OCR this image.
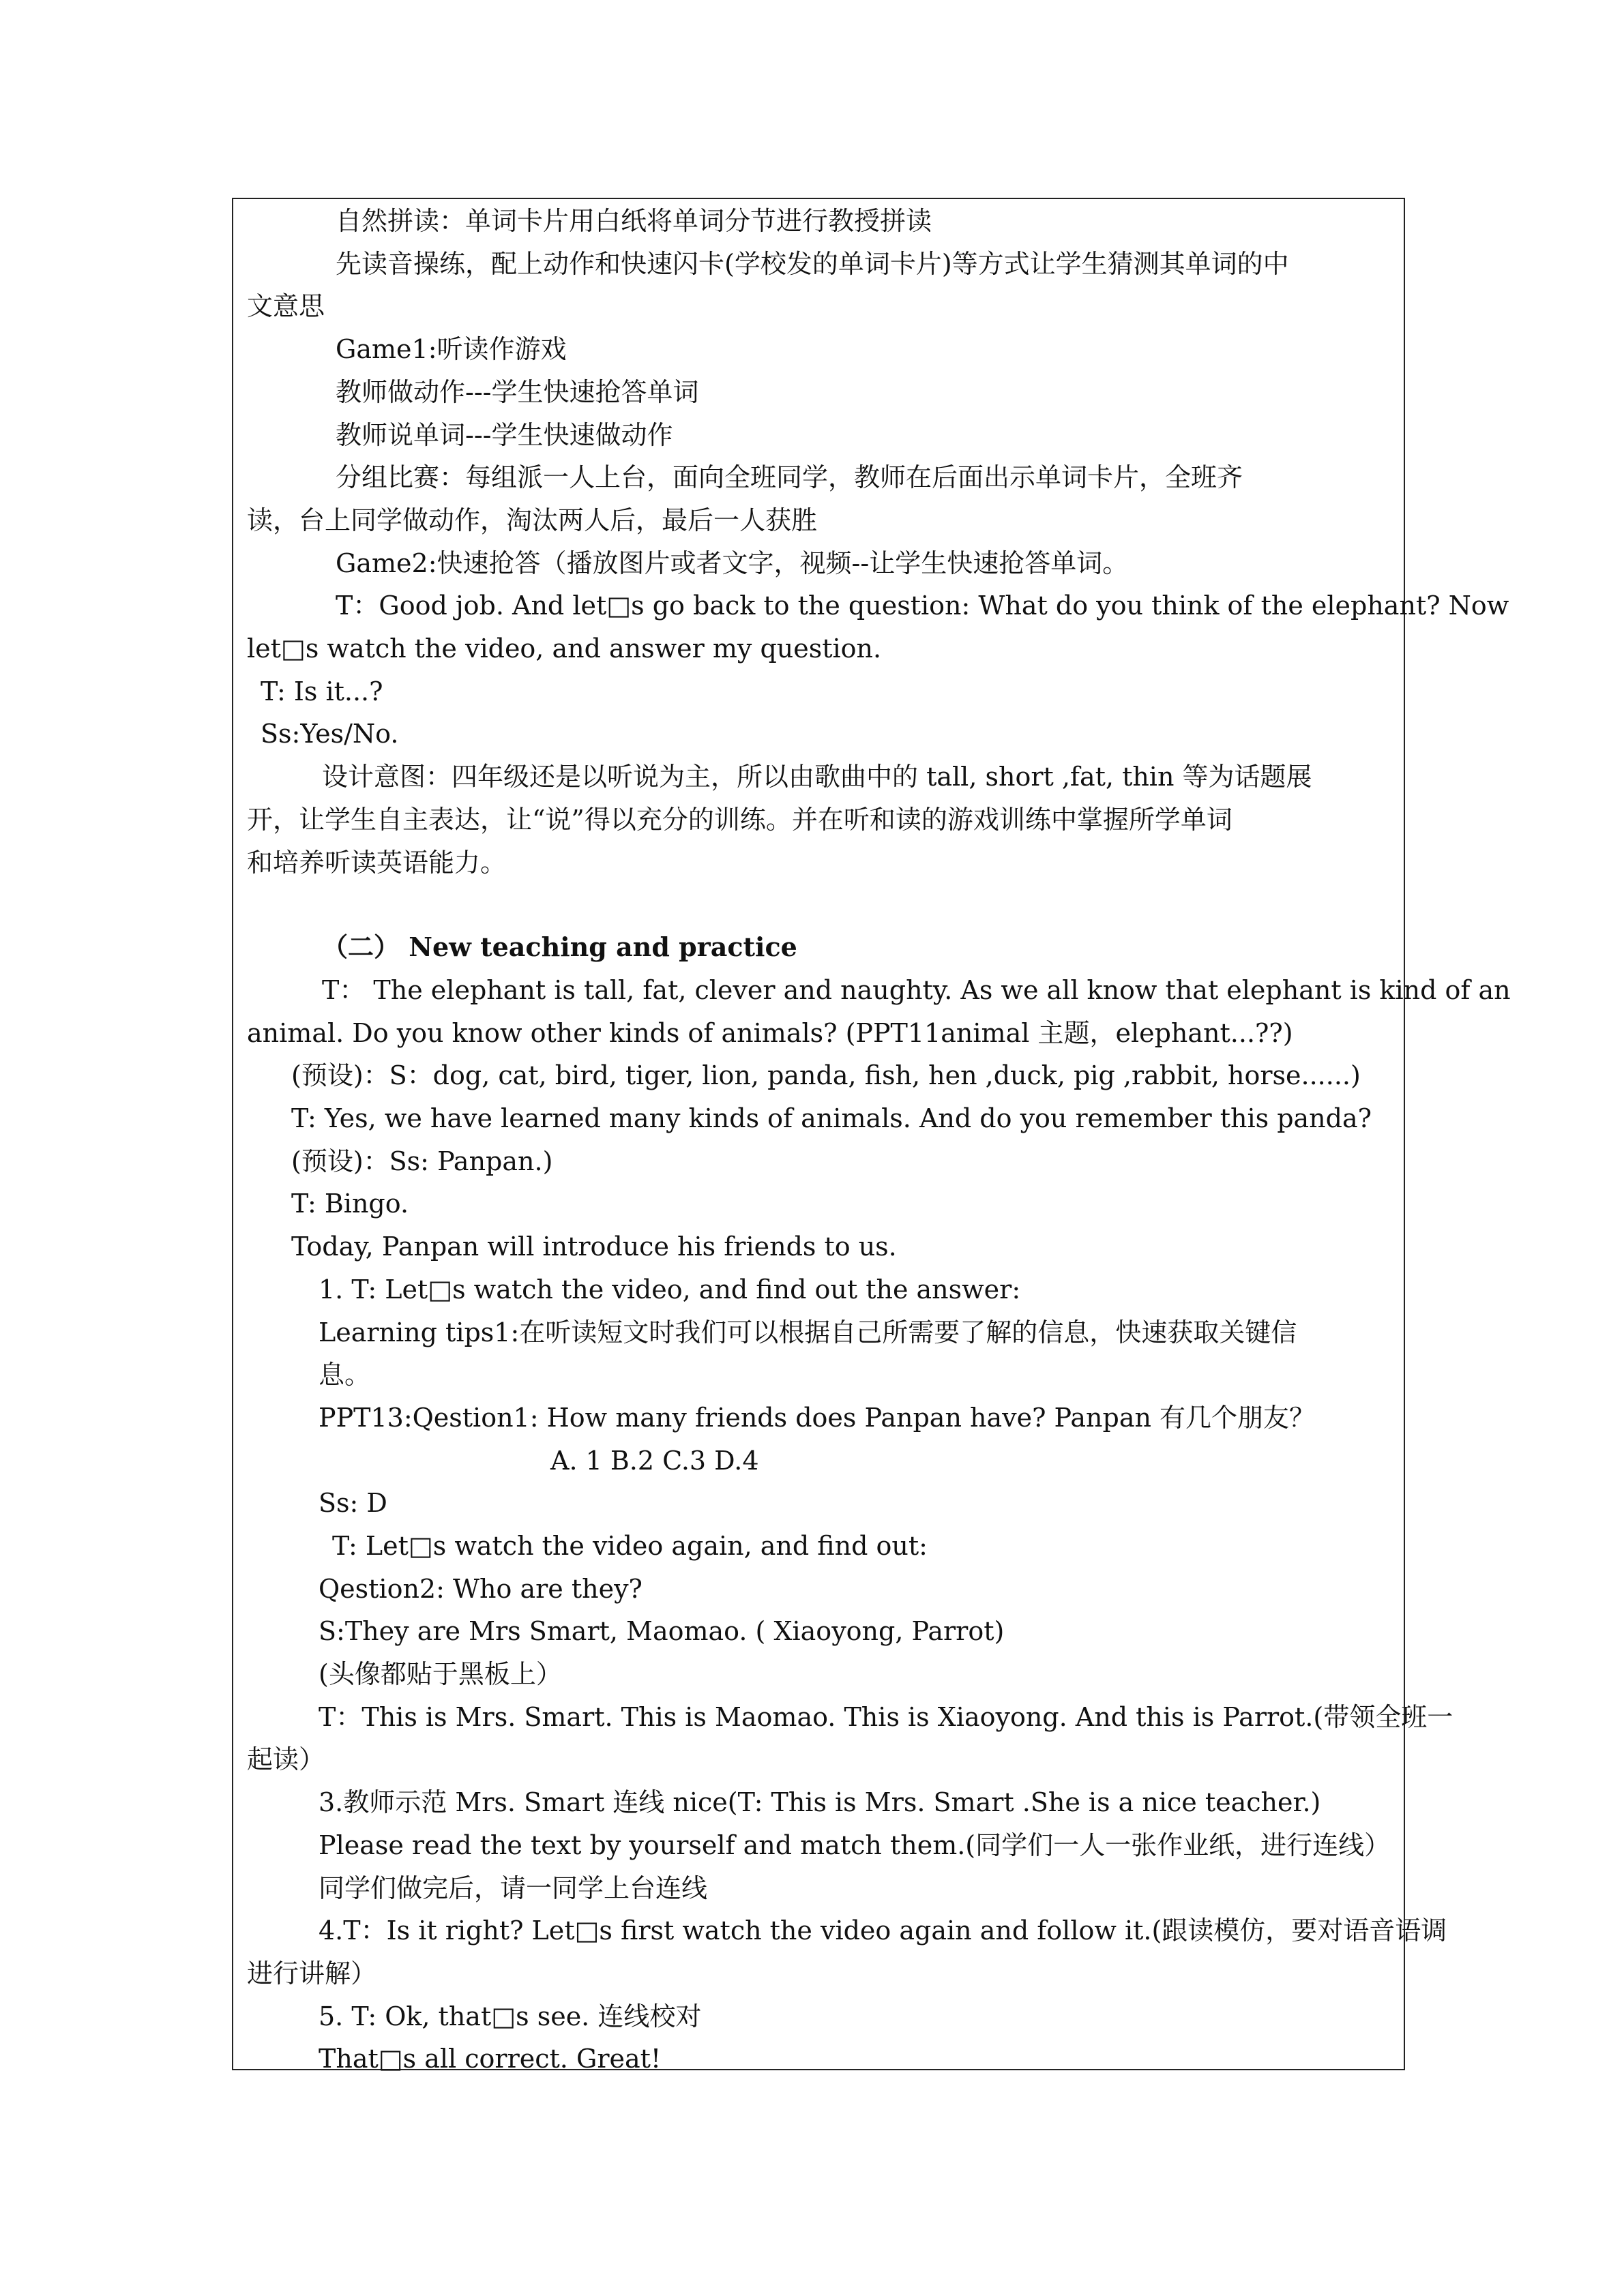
自然拼读：单词卡片用白纸将单词分节进行教授拼读
先读音操练，配上动作和快速闪卡(学校发的单词卡片)等方式让学生猜测其单词的中
文意思
Game1:听读作游戏
教师做动作---学生快速抢答单词
教师说单词---学生快速做动作
分组比赛：每组派一人上台，面向全班同学，教师在后面出示单词卡片，全班齐
读，台上同学做动作，淘汰两人后，最后一人获胜
Game2:快速抢答（播放图片或者文字，视频--让学生快速抢答单词。
T：Good job. And let□s go back to the question: What do you think of the elephant? Now
let□s watch the video, and answer my question.
T: Is it...?
Ss:Yes/No.
设计意图：四年级还是以听说为主，所以由歌曲中的 tall, short ,fat, thin 等为话题展
开，让学生自主表达，让“说”得以充分的训练。并在听和读的游戏训练中掌握所学单词
和培养听读英语能力。
（二） New teaching and practice
T： The elephant is tall, fat, clever and naughty. As we all know that elephant is kind of an
animal. Do you know other kinds of animals? (PPT11animal 主题，elephant...??)
(预设)：S：dog, cat, bird, tiger, lion, panda, fish, hen ,duck, pig ,rabbit, horse......)
T: Yes, we have learned many kinds of animals. And do you remember this panda?
(预设)：Ss: Panpan.)
T: Bingo.
Today, Panpan will introduce his friends to us.
1. T: Let□s watch the video, and find out the answer:
Learning tips1:在听读短文时我们可以根据自己所需要了解的信息，快速获取关键信
息。
PPT13:Qestion1: How many friends does Panpan have? Panpan 有几个朋友？
A. 1 B.2 C.3 D.4
Ss: D
T: Let□s watch the video again, and find out:
Qestion2: Who are they?
S:They are Mrs Smart, Maomao. ( Xiaoyong, Parrot)
(头像都贴于黑板上）
T：This is Mrs. Smart. This is Maomao. This is Xiaoyong. And this is Parrot.(带领全班一
起读）
3.教师示范 Mrs. Smart 连线 nice(T: This is Mrs. Smart .She is a nice teacher.)
Please read the text by yourself and match them.(同学们一人一张作业纸，进行连线）
同学们做完后，请一同学上台连线
4.T：Is it right? Let□s first watch the video again and follow it.(跟读模仿，要对语音语调
进行讲解）
5. T: Ok, that□s see. 连线校对
That□s all correct. Great!
